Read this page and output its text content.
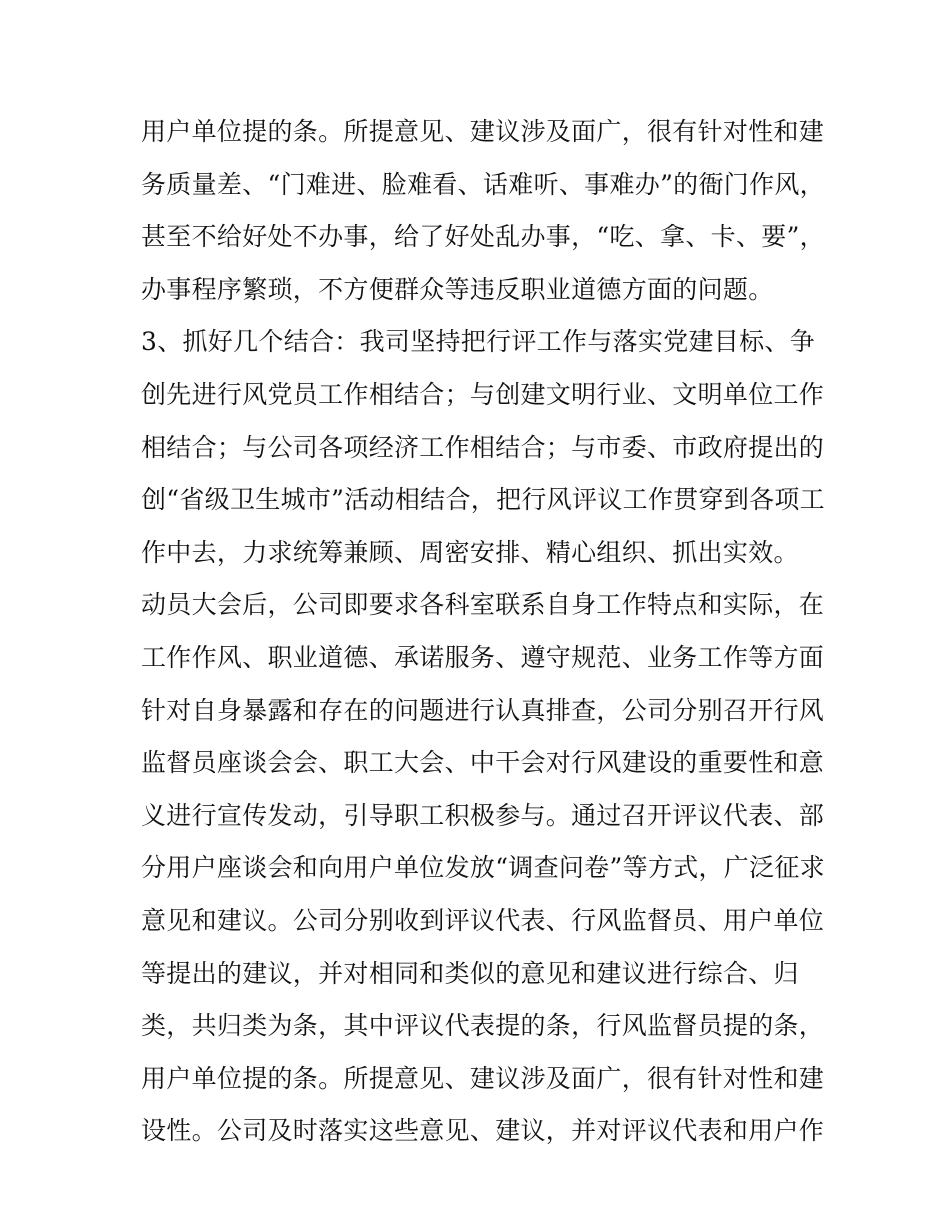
用户单位提的条。所提意见、建议涉及面广，很有针对性和建
务质量差、“门难进、脸难看、话难听、事难办”的衙门作风，
甚至不给好处不办事，给了好处乱办事，“吃、拿、卡、要”，
办事程序繁琐，不方便群众等违反职业道德方面的问题。
3、抓好几个结合：我司坚持把行评工作与落实党建目标、争
创先进行风党员工作相结合；与创建文明行业、文明单位工作
相结合；与公司各项经济工作相结合；与市委、市政府提出的
创“省级卫生城市”活动相结合，把行风评议工作贯穿到各项工
作中去，力求统筹兼顾、周密安排、精心组织、抓出实效。
动员大会后，公司即要求各科室联系自身工作特点和实际，在
工作作风、职业道德、承诺服务、遵守规范、业务工作等方面
针对自身暴露和存在的问题进行认真排查，公司分别召开行风
监督员座谈会会、职工大会、中干会对行风建设的重要性和意
义进行宣传发动，引导职工积极参与。通过召开评议代表、部
分用户座谈会和向用户单位发放“调查问卷”等方式，广泛征求
意见和建议。公司分别收到评议代表、行风监督员、用户单位
等提出的建议，并对相同和类似的意见和建议进行综合、归
类，共归类为条，其中评议代表提的条，行风监督员提的条，
用户单位提的条。所提意见、建议涉及面广，很有针对性和建
设性。公司及时落实这些意见、建议，并对评议代表和用户作
